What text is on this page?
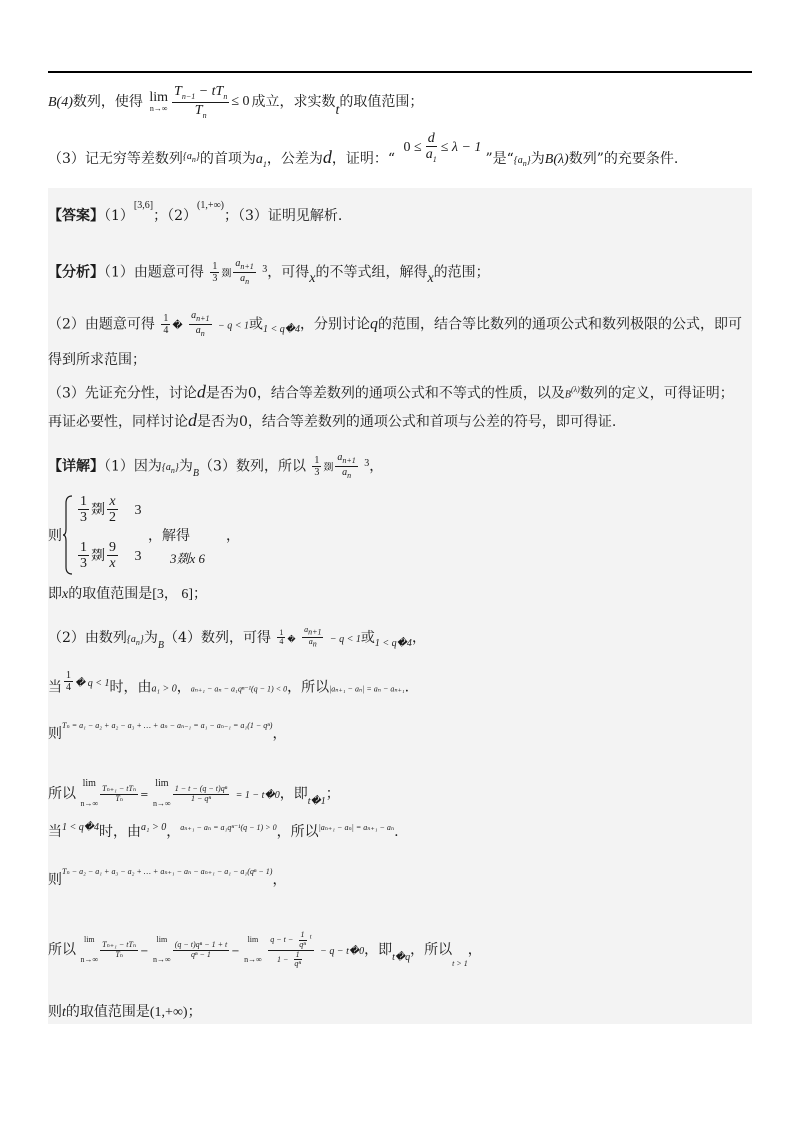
B(4)数列，使得 lim
$n\to\infty \frac{T_{n-1} - tT_n}{T_n} \le 0$ 成立，求实数t的取值范围；
（3）记无穷等差数列$^{\{a_n\}}$的首项为$a_1$，公差为d，证明：“
$0 \le \frac{d}{a_1} \le \lambda - 1$
”是“$\{a_n\}$为B(λ)数列”的充要条件.
【答案】（1）[3,6]；$(2)^{(1,+\infty)}$；（3）证明见解析.
【分析】（1）由题意可得 $\frac{1}{3}$ 剟 $\frac{a_{n+1}}{a_n} ^3$，可得x的不等式组，解得x的范围；
（2）由题意可得 $\frac{1}{4}$ � $\frac{a_{n+1}}{a_n} - q < 1$或$_{1 < q�4}$，分别讨论q的范围，结合等比数列的通项公式和数列极限的公式，即可
得到所求范围；
（3）先证充分性，讨论d是否为0，结合等差数列的通项公式和不等式的性质，以及$B^{(\lambda)}$数列的定义，可得证明；
再证必要性，同样讨论d是否为0，结合等差数列的通项公式和首项与公差的符号，即可得证.
【详解】（1）因为$\{a_n\}$为$_B$（3）数列，所以 $\frac{1}{3}$ 剟 $\frac{a_{n+1}}{a_n} ^3$，
则
$\frac{1}{3}$ 剟 $\frac{x}{2} 3$
，解得	，
$\frac{1}{3}$ 剟 $\frac{9}{x} 3$ 3剟x 6
即x的取值范围是[3， 6]；
（2）由数列$\{a_n\}$为$_B$（4）数列，可得 $\frac{1}{4}$ � $\frac{a_{n+1}}{a_n} - q < 1$或$_{1 < q�4}$，
当 $\frac{1}{4} ^{� q < 1}$时，由a₁ > 0，aₙ₊₁ − aₙ − a₁qⁿ⁻¹(q − 1) < 0，所以|aₙ₊₁ − aₙ| = aₙ − aₙ₊₁.
则$^{T_n = a_1 - a_2 + a_2 - a_3 + \dots + a_n - a_{n-1} = a_1 - a_{n-1} = a_1(1 - q^n)}$，
所以
lim
n→∞
$\frac{\text{Tₙ₊₁ − tTₙ}}{\text{Tₙ}}$ =
lim
n→∞
$\frac{\text{1 − t − (q − t)qⁿ}}{\text{1 − qⁿ}} = 1$ − t�0，即$_{t�1}$；
当$^{1 < q�4}$时，由$^{a_1 > 0}$，$^{a_{n+1} - a_n = a_1q^{n-1}(q - 1) > 0}$，所以$^{|a_{n+1} - a_n| = a_{n+1} - a_n}$.
则$^{T_n - a_2 - a_1 + a_3 - a_2 + \dots + a_{n+1} - a_n - a_{n+1} - a_1 - a_1(q^n - 1)}$，
所以
lim
n→∞
$\frac{\text{Tₙ₊₁ − tTₙ}}{\text{Tₙ}}$ −
lim
n→∞
$\frac{\text{(q − t)qⁿ − 1 + t}}{\text{qⁿ − 1}}$ −
lim
n→∞
$\frac{q - t - \frac{1}{\text{qⁿ}} ^t}{1 - \frac{1}{\text{qⁿ}}} - q$ − t�0，即$_{t�q}$，所以$_{t > 1}$，
则t的取值范围是(1,+∞)；
